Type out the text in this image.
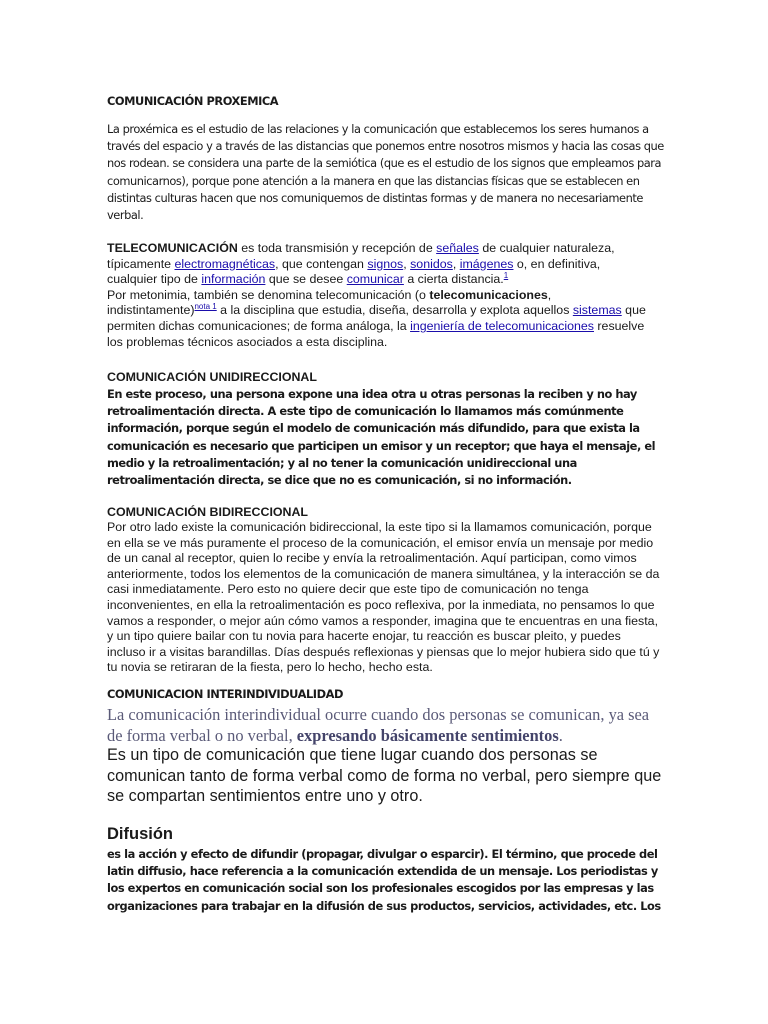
COMUNICACIÓN PROXEMICA

La proxémica es el estudio de las relaciones y la comunicación que establecemos los seres humanos a través del espacio y a través de las distancias que ponemos entre nosotros mismos y hacia las cosas que nos rodean. se considera una parte de la semiótica (que es el estudio de los signos que empleamos para comunicarnos), porque pone atención a la manera en que las distancias físicas que se establecen en distintas culturas hacen que nos comuniquemos de distintas formas y de manera no necesariamente verbal.

TELECOMUNICACIÓN es toda transmisión y recepción de señales de cualquier naturaleza, típicamente electromagnéticas, que contengan signos, sonidos, imágenes o, en definitiva, cualquier tipo de información que se desee comunicar a cierta distancia.$^1$
Por metonimia, también se denomina telecomunicación (o telecomunicaciones, indistintamente)$^{nota 1}$ a la disciplina que estudia, diseña, desarrolla y explota aquellos sistemas que permiten dichas comunicaciones; de forma análoga, la ingeniería de telecomunicaciones resuelve los problemas técnicos asociados a esta disciplina.

COMUNICACIÓN UNIDIRECCIONAL

En este proceso, una persona expone una idea otra u otras personas la reciben y no hay retroalimentación directa. A este tipo de comunicación lo llamamos más comúnmente información, porque según el modelo de comunicación más difundido, para que exista la comunicación es necesario que participen un emisor y un receptor; que haya el mensaje, el medio y la retroalimentación; y al no tener la comunicación unidireccional una retroalimentación directa, se dice que no es comunicación, si no información.

COMUNICACIÓN BIDIRECCIONAL

Por otro lado existe la comunicación bidireccional, la este tipo si la llamamos comunicación, porque en ella se ve más puramente el proceso de la comunicación, el emisor envía un mensaje por medio de un canal al receptor, quien lo recibe y envía la retroalimentación. Aquí participan, como vimos anteriormente, todos los elementos de la comunicación de manera simultánea, y la interacción se da casi inmediatamente. Pero esto no quiere decir que este tipo de comunicación no tenga inconvenientes, en ella la retroalimentación es poco reflexiva, por la inmediata, no pensamos lo que vamos a responder, o mejor aún cómo vamos a responder, imagina que te encuentras en una fiesta, y un tipo quiere bailar con tu novia para hacerte enojar, tu reacción es buscar pleito, y puedes incluso ir a visitas barandillas. Días después reflexionas y piensas que lo mejor hubiera sido que tú y tu novia se retiraran de la fiesta, pero lo hecho, hecho esta.

COMUNICACION INTERINDIVIDUALIDAD

La comunicación interindividual ocurre cuando dos personas se comunican, ya sea de forma verbal o no verbal, expresando básicamente sentimientos.

Es un tipo de comunicación que tiene lugar cuando dos personas se comunican tanto de forma verbal como de forma no verbal, pero siempre que se compartan sentimientos entre uno y otro.

Difusión

es la acción y efecto de difundir (propagar, divulgar o esparcir). El término, que procede del latin diffusio, hace referencia a la comunicación extendida de un mensaje. Los periodistas y los expertos en comunicación social son los profesionales escogidos por las empresas y las organizaciones para trabajar en la difusión de sus productos, servicios, actividades, etc. Los
